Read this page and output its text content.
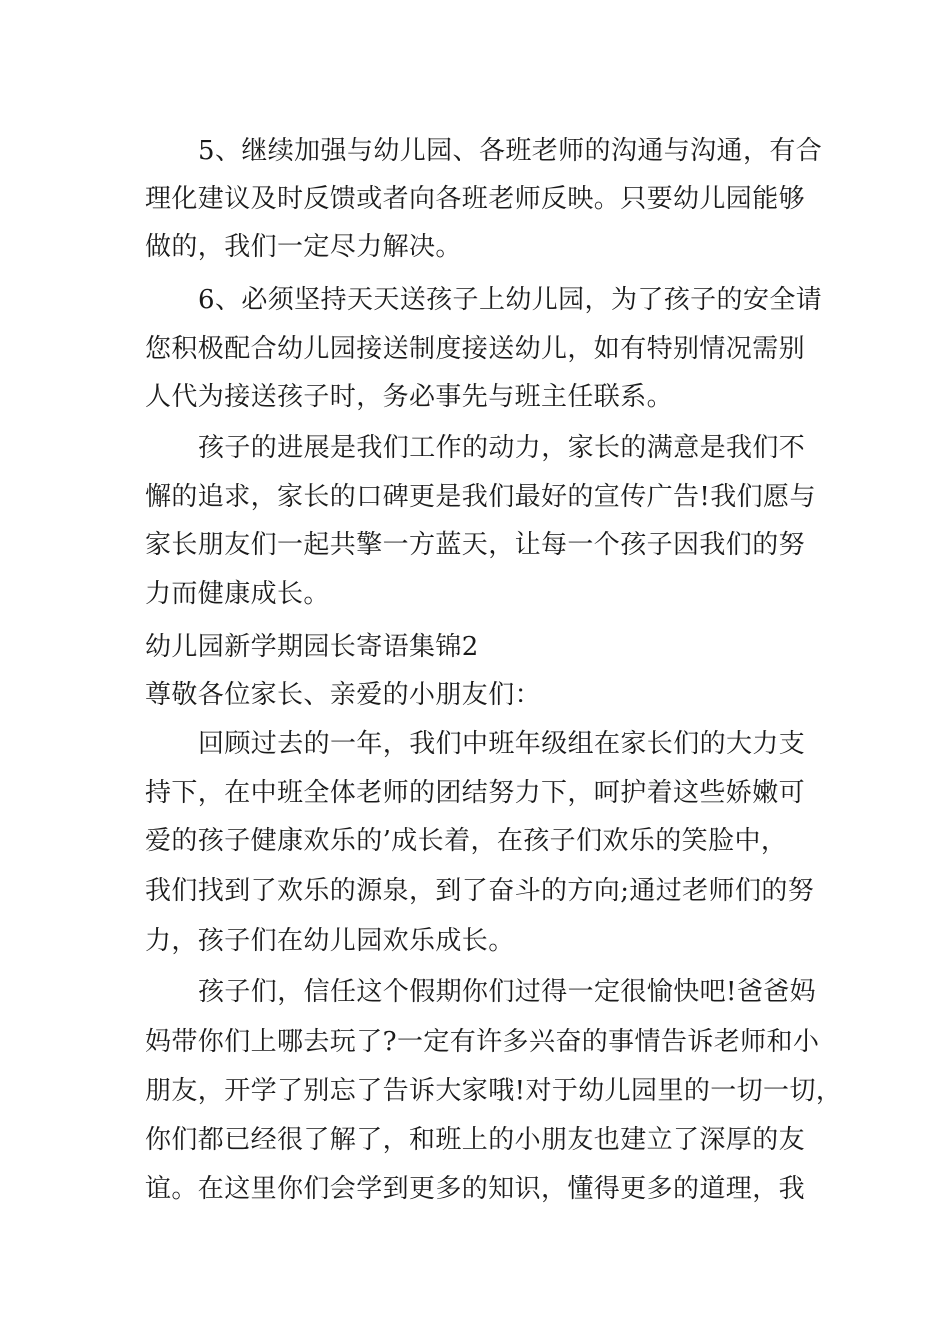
5、继续加强与幼儿园、各班老师的沟通与沟通，有合
理化建议及时反馈或者向各班老师反映。只要幼儿园能够
做的，我们一定尽力解决。
6、必须坚持天天送孩子上幼儿园，为了孩子的安全请
您积极配合幼儿园接送制度接送幼儿，如有特别情况需别
人代为接送孩子时，务必事先与班主任联系。
孩子的进展是我们工作的动力，家长的满意是我们不
懈的追求，家长的口碑更是我们最好的宣传广告!我们愿与
家长朋友们一起共擎一方蓝天，让每一个孩子因我们的努
力而健康成长。
幼儿园新学期园长寄语集锦2
尊敬各位家长、亲爱的小朋友们：
回顾过去的一年，我们中班年级组在家长们的大力支
持下，在中班全体老师的团结努力下，呵护着这些娇嫩可
爱的孩子健康欢乐的’成长着，在孩子们欢乐的笑脸中，
我们找到了欢乐的源泉，到了奋斗的方向;通过老师们的努
力，孩子们在幼儿园欢乐成长。
孩子们，信任这个假期你们过得一定很愉快吧!爸爸妈
妈带你们上哪去玩了?一定有许多兴奋的事情告诉老师和小
朋友，开学了别忘了告诉大家哦!对于幼儿园里的一切一切，
你们都已经很了解了，和班上的小朋友也建立了深厚的友
谊。在这里你们会学到更多的知识，懂得更多的道理，我
